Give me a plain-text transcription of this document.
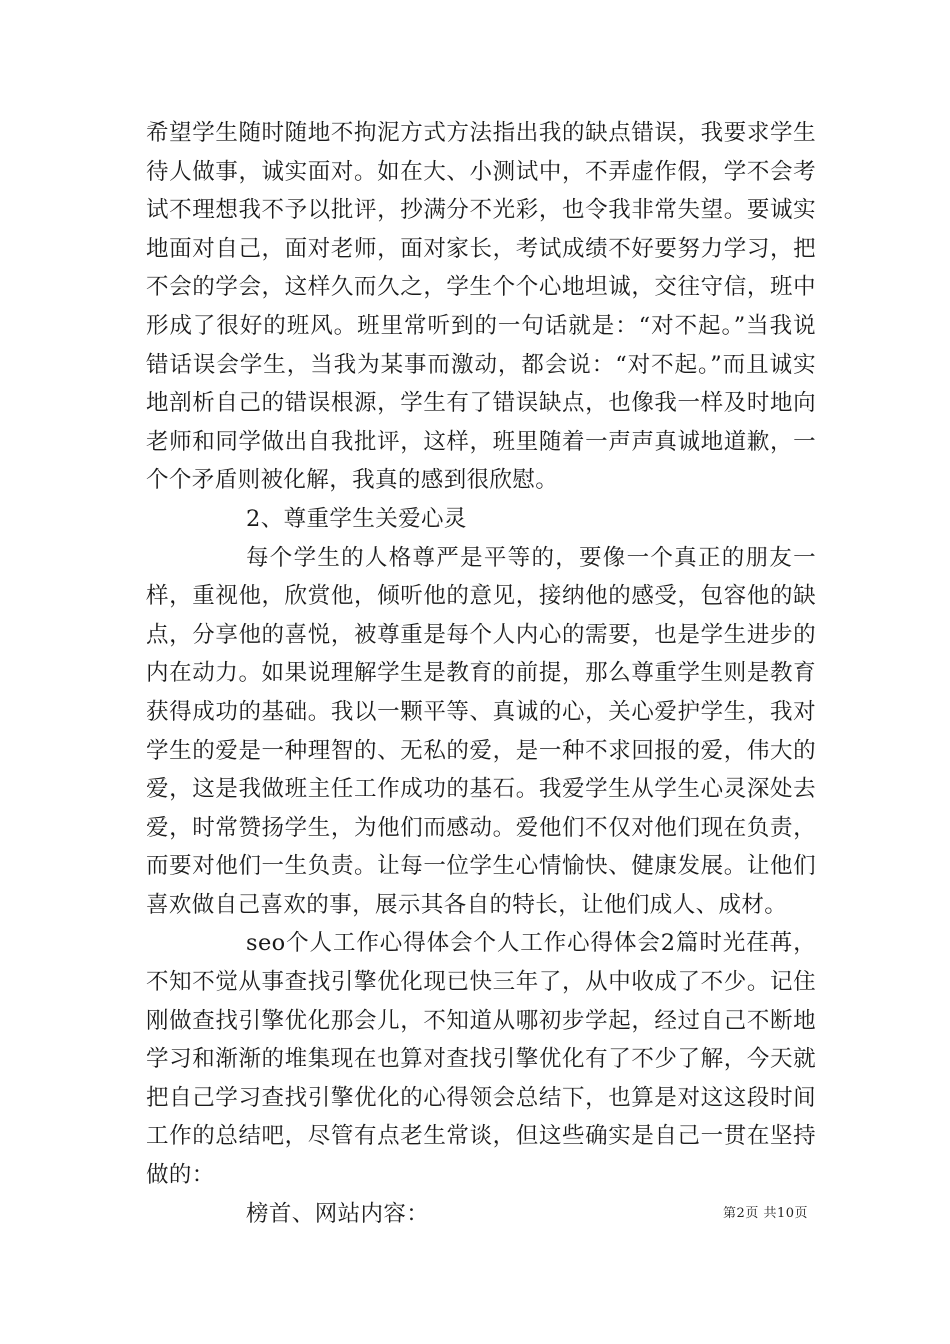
希望学生随时随地不拘泥方式方法指出我的缺点错误，我要求学生待人做事，诚实面对。如在大、小测试中，不弄虚作假，学不会考试不理想我不予以批评，抄满分不光彩，也令我非常失望。要诚实地面对自己，面对老师，面对家长，考试成绩不好要努力学习，把不会的学会，这样久而久之，学生个个心地坦诚，交往守信，班中形成了很好的班风。班里常听到的一句话就是：“对不起。”当我说错话误会学生，当我为某事而激动，都会说：“对不起。”而且诚实地剖析自己的错误根源，学生有了错误缺点，也像我一样及时地向老师和同学做出自我批评，这样，班里随着一声声真诚地道歉，一个个矛盾则被化解，我真的感到很欣慰。

2、尊重学生关爱心灵

每个学生的人格尊严是平等的，要像一个真正的朋友一样，重视他，欣赏他，倾听他的意见，接纳他的感受，包容他的缺点，分享他的喜悦，被尊重是每个人内心的需要，也是学生进步的内在动力。如果说理解学生是教育的前提，那么尊重学生则是教育获得成功的基础。我以一颗平等、真诚的心，关心爱护学生，我对学生的爱是一种理智的、无私的爱，是一种不求回报的爱，伟大的爱，这是我做班主任工作成功的基石。我爱学生从学生心灵深处去爱，时常赞扬学生，为他们而感动。爱他们不仅对他们现在负责，而要对他们一生负责。让每一位学生心情愉快、健康发展。让他们喜欢做自己喜欢的事，展示其各自的特长，让他们成人、成材。

seo个人工作心得体会个人工作心得体会2篇时光荏苒，不知不觉从事查找引擎优化现已快三年了，从中收成了不少。记住刚做查找引擎优化那会儿，不知道从哪初步学起，经过自己不断地学习和渐渐的堆集现在也算对查找引擎优化有了不少了解，今天就把自己学习查找引擎优化的心得领会总结下，也算是对这这段时间工作的总结吧，尽管有点老生常谈，但这些确实是自己一贯在坚持做的：

榜首、网站内容：	第2页 共10页
